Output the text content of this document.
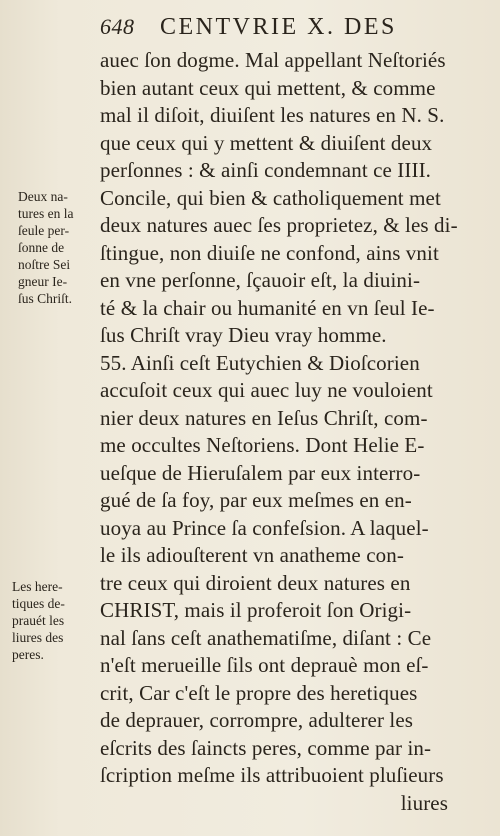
648 CENTVRIE X. DES
auec ſon dogme. Mal appellant Neſtoriés
bien autant ceux qui mettent, & comme
mal il diſoit, diuiſent les natures en N. S.
que ceux qui y mettent & diuiſent deux
perſonnes : & ainſi condemnant ce IIII.
Concile, qui bien & catholiquement met
deux natures auec ſes proprietez, & les di-
ſtingue, non diuiſe ne confond, ains vnit
en vne perſonne, ſçauoir eſt, la diuini-
té & la chair ou humanité en vn ſeul Ie-
ſus Chriſt vray Dieu vray homme.
55. Ainſi ceſt Eutychien & Dioſcorien
accuſoit ceux qui auec luy ne vouloient
nier deux natures en Ieſus Chriſt, com-
me occultes Neſtoriens. Dont Helie E-
ueſque de Hieruſalem par eux interro-
gué de ſa foy, par eux meſmes en en-
uoya au Prince ſa confeſsion. A laquel-
le ils adiouſterent vn anatheme con-
tre ceux qui diroient deux natures en
CHRIST, mais il proferoit ſon Origi-
nal ſans ceſt anathematiſme, diſant : Ce
n'eſt merueille ſils ont deprauè mon eſ-
crit, Car c'eſt le propre des heretiques
de deprauer, corrompre, adulterer les
eſcrits des ſaincts peres, comme par in-
ſcription meſme ils attribuoient pluſieurs
liures
Deux na-
tures en la
ſeule per-
ſonne de
noſtre Sei
gneur Ie-
ſus Chriſt.
Les here-
tiques de-
prauét les
liures des
peres.
